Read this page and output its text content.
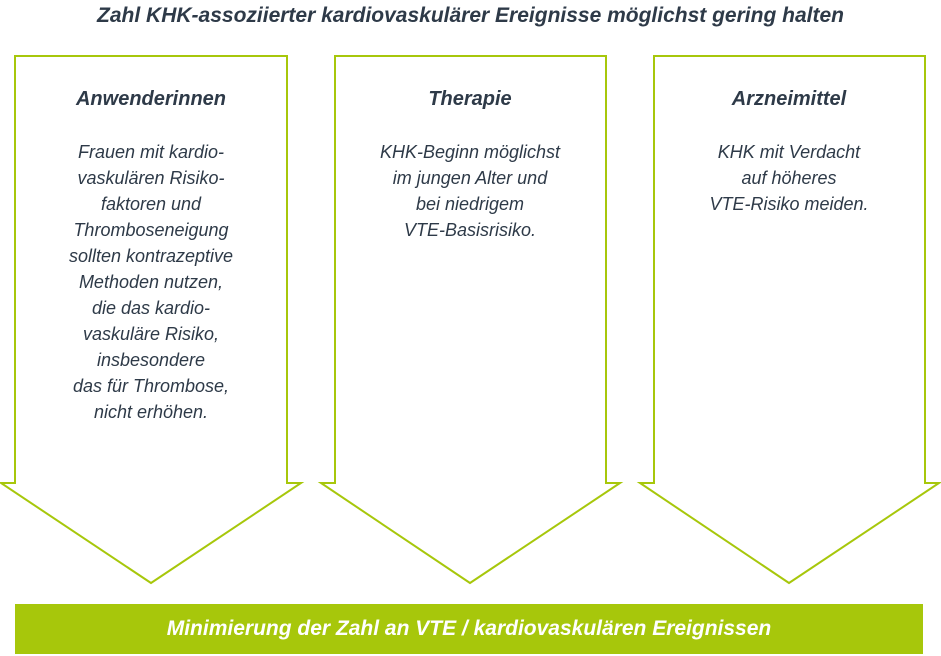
Zahl KHK-assoziierter kardiovaskulärer Ereignisse möglichst gering halten
Anwenderinnen
Frauen mit kardio-
vaskulären Risiko-
faktoren und
Thromboseneigung
sollten kontrazeptive
Methoden nutzen,
die das kardio-
vaskuläre Risiko,
insbesondere
das für Thrombose,
nicht erhöhen.
Therapie
KHK-Beginn möglichst
im jungen Alter und
bei niedrigem
VTE-Basisrisiko.
Arzneimittel
KHK mit Verdacht
auf höheres
VTE-Risiko meiden.
Minimierung der Zahl an VTE / kardiovaskulären Ereignissen
